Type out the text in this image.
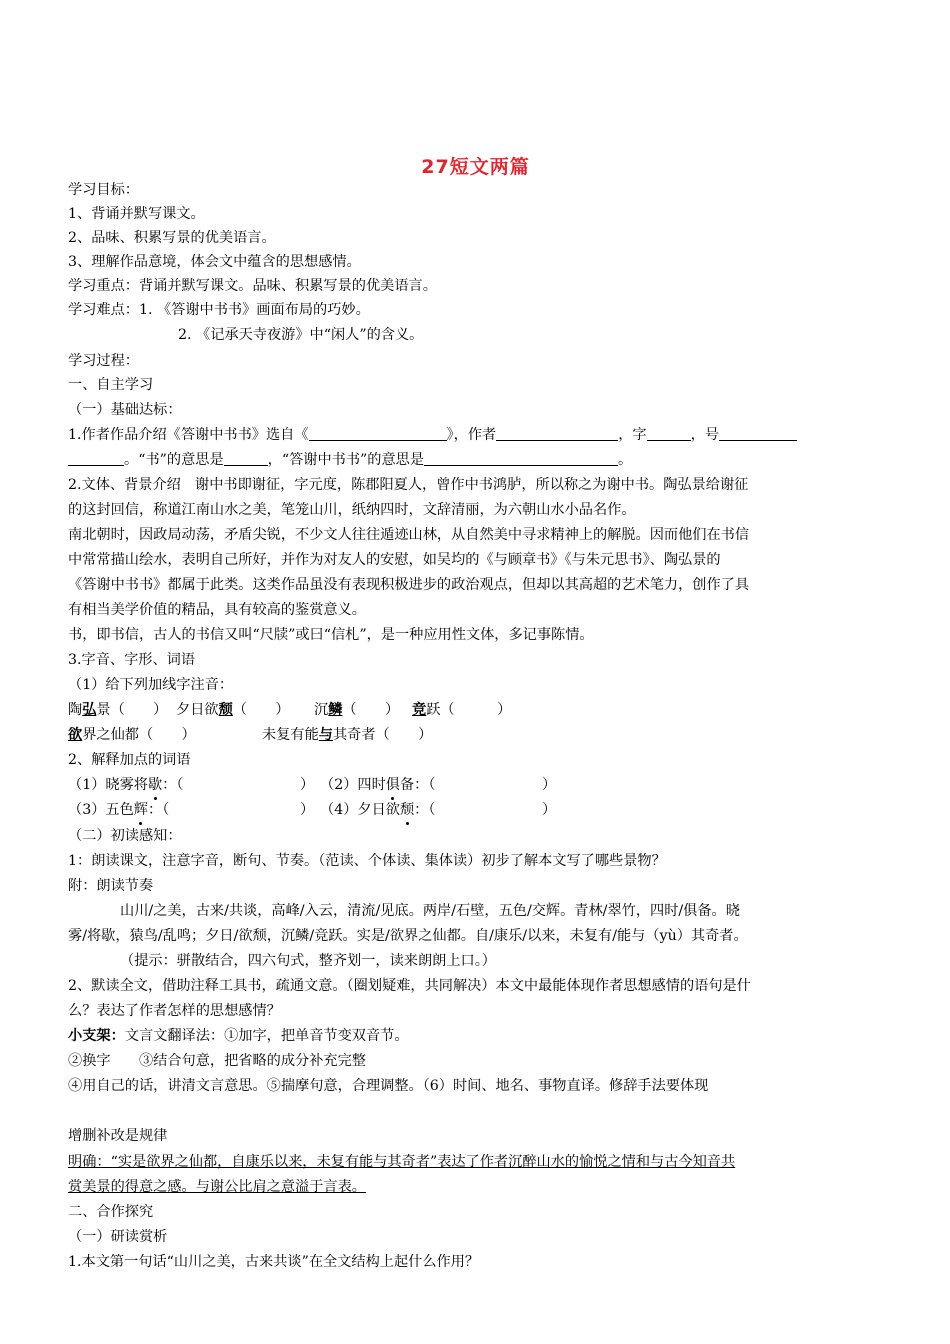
27短文两篇
学习目标：
1、背诵并默写课文。
2、品味、积累写景的优美语言。
3、理解作品意境，体会文中蕴含的思想感情。
学习重点：背诵并默写课文。品味、积累写景的优美语言。
学习难点：1. 《答谢中书书》画面布局的巧妙。
2. 《记承天寺夜游》中“闲人”的含义。
学习过程：
一、自主学习
（一）基础达标：
1.作者作品介绍《答谢中书书》选自《	》，作者	，字	，号
。“书”的意思是	，“答谢中书书”的意思是	。
2.文体、背景介绍　谢中书即谢征，字元度，陈郡阳夏人，曾作中书鸿胪，所以称之为谢中书。陶弘景给谢征
的这封回信，称道江南山水之美，笔笼山川，纸纳四时，文辞清丽，为六朝山水小品名作。
南北朝时，因政局动荡，矛盾尖锐，不少文人往往遁迹山林，从自然美中寻求精神上的解脱。因而他们在书信
中常常描山绘水，表明自己所好，并作为对友人的安慰，如吴均的《与顾章书》《与朱元思书》、陶弘景的
《答谢中书书》都属于此类。这类作品虽没有表现积极进步的政治观点，但却以其高超的艺术笔力，创作了具
有相当美学价值的精品，具有较高的鉴赏意义。
书，即书信，古人的书信又叫“尺牍”或曰“信札”，是一种应用性文体，多记事陈情。
3.字音、字形、词语
（1）给下列加线字注音：
陶弘景（　　） 夕日欲颓（　　） 沉鳞（　　） 竞跃（　　　）
欲界之仙都（　　）	未复有能与其奇者（　　）
2、解释加点的词语
（1）晓雾将歇：（	） （2）四时俱备：（	）
（3）五色辉：（	） （4）夕日欲颓：（	）
（二）初读感知：
1：朗读课文，注意字音，断句、节奏。（范读、个体读、集体读）初步了解本文写了哪些景物？
附：朗读节奏
山川/之美，古来/共谈，高峰/入云，清流/见底。两岸/石壁，五色/交辉。青林/翠竹，四时/俱备。晓
雾/将歇，猿鸟/乱鸣；夕日/欲颓，沉鳞/竞跃。实是/欲界之仙都。自/康乐/以来，未复有/能与（yù）其奇者。
（提示：骈散结合，四六句式，整齐划一，读来朗朗上口。）
2、默读全文，借助注释工具书，疏通文意。（圈划疑难，共同解决）本文中最能体现作者思想感情的语句是什
么？表达了作者怎样的思想感情？
小支架：文言文翻译法：①加字，把单音节变双音节。
②换字　　③结合句意，把省略的成分补充完整
④用自己的话，讲清文言意思。⑤揣摩句意，合理调整。（6）时间、地名、事物直译。修辞手法要体现
增删补改是规律
明确：“实是欲界之仙都，自康乐以来，未复有能与其奇者”表达了作者沉醉山水的愉悦之情和与古今知音共
赏美景的得意之感。与谢公比肩之意溢于言表。
二、合作探究
（一）研读赏析
1.本文第一句话“山川之美，古来共谈”在全文结构上起什么作用？
